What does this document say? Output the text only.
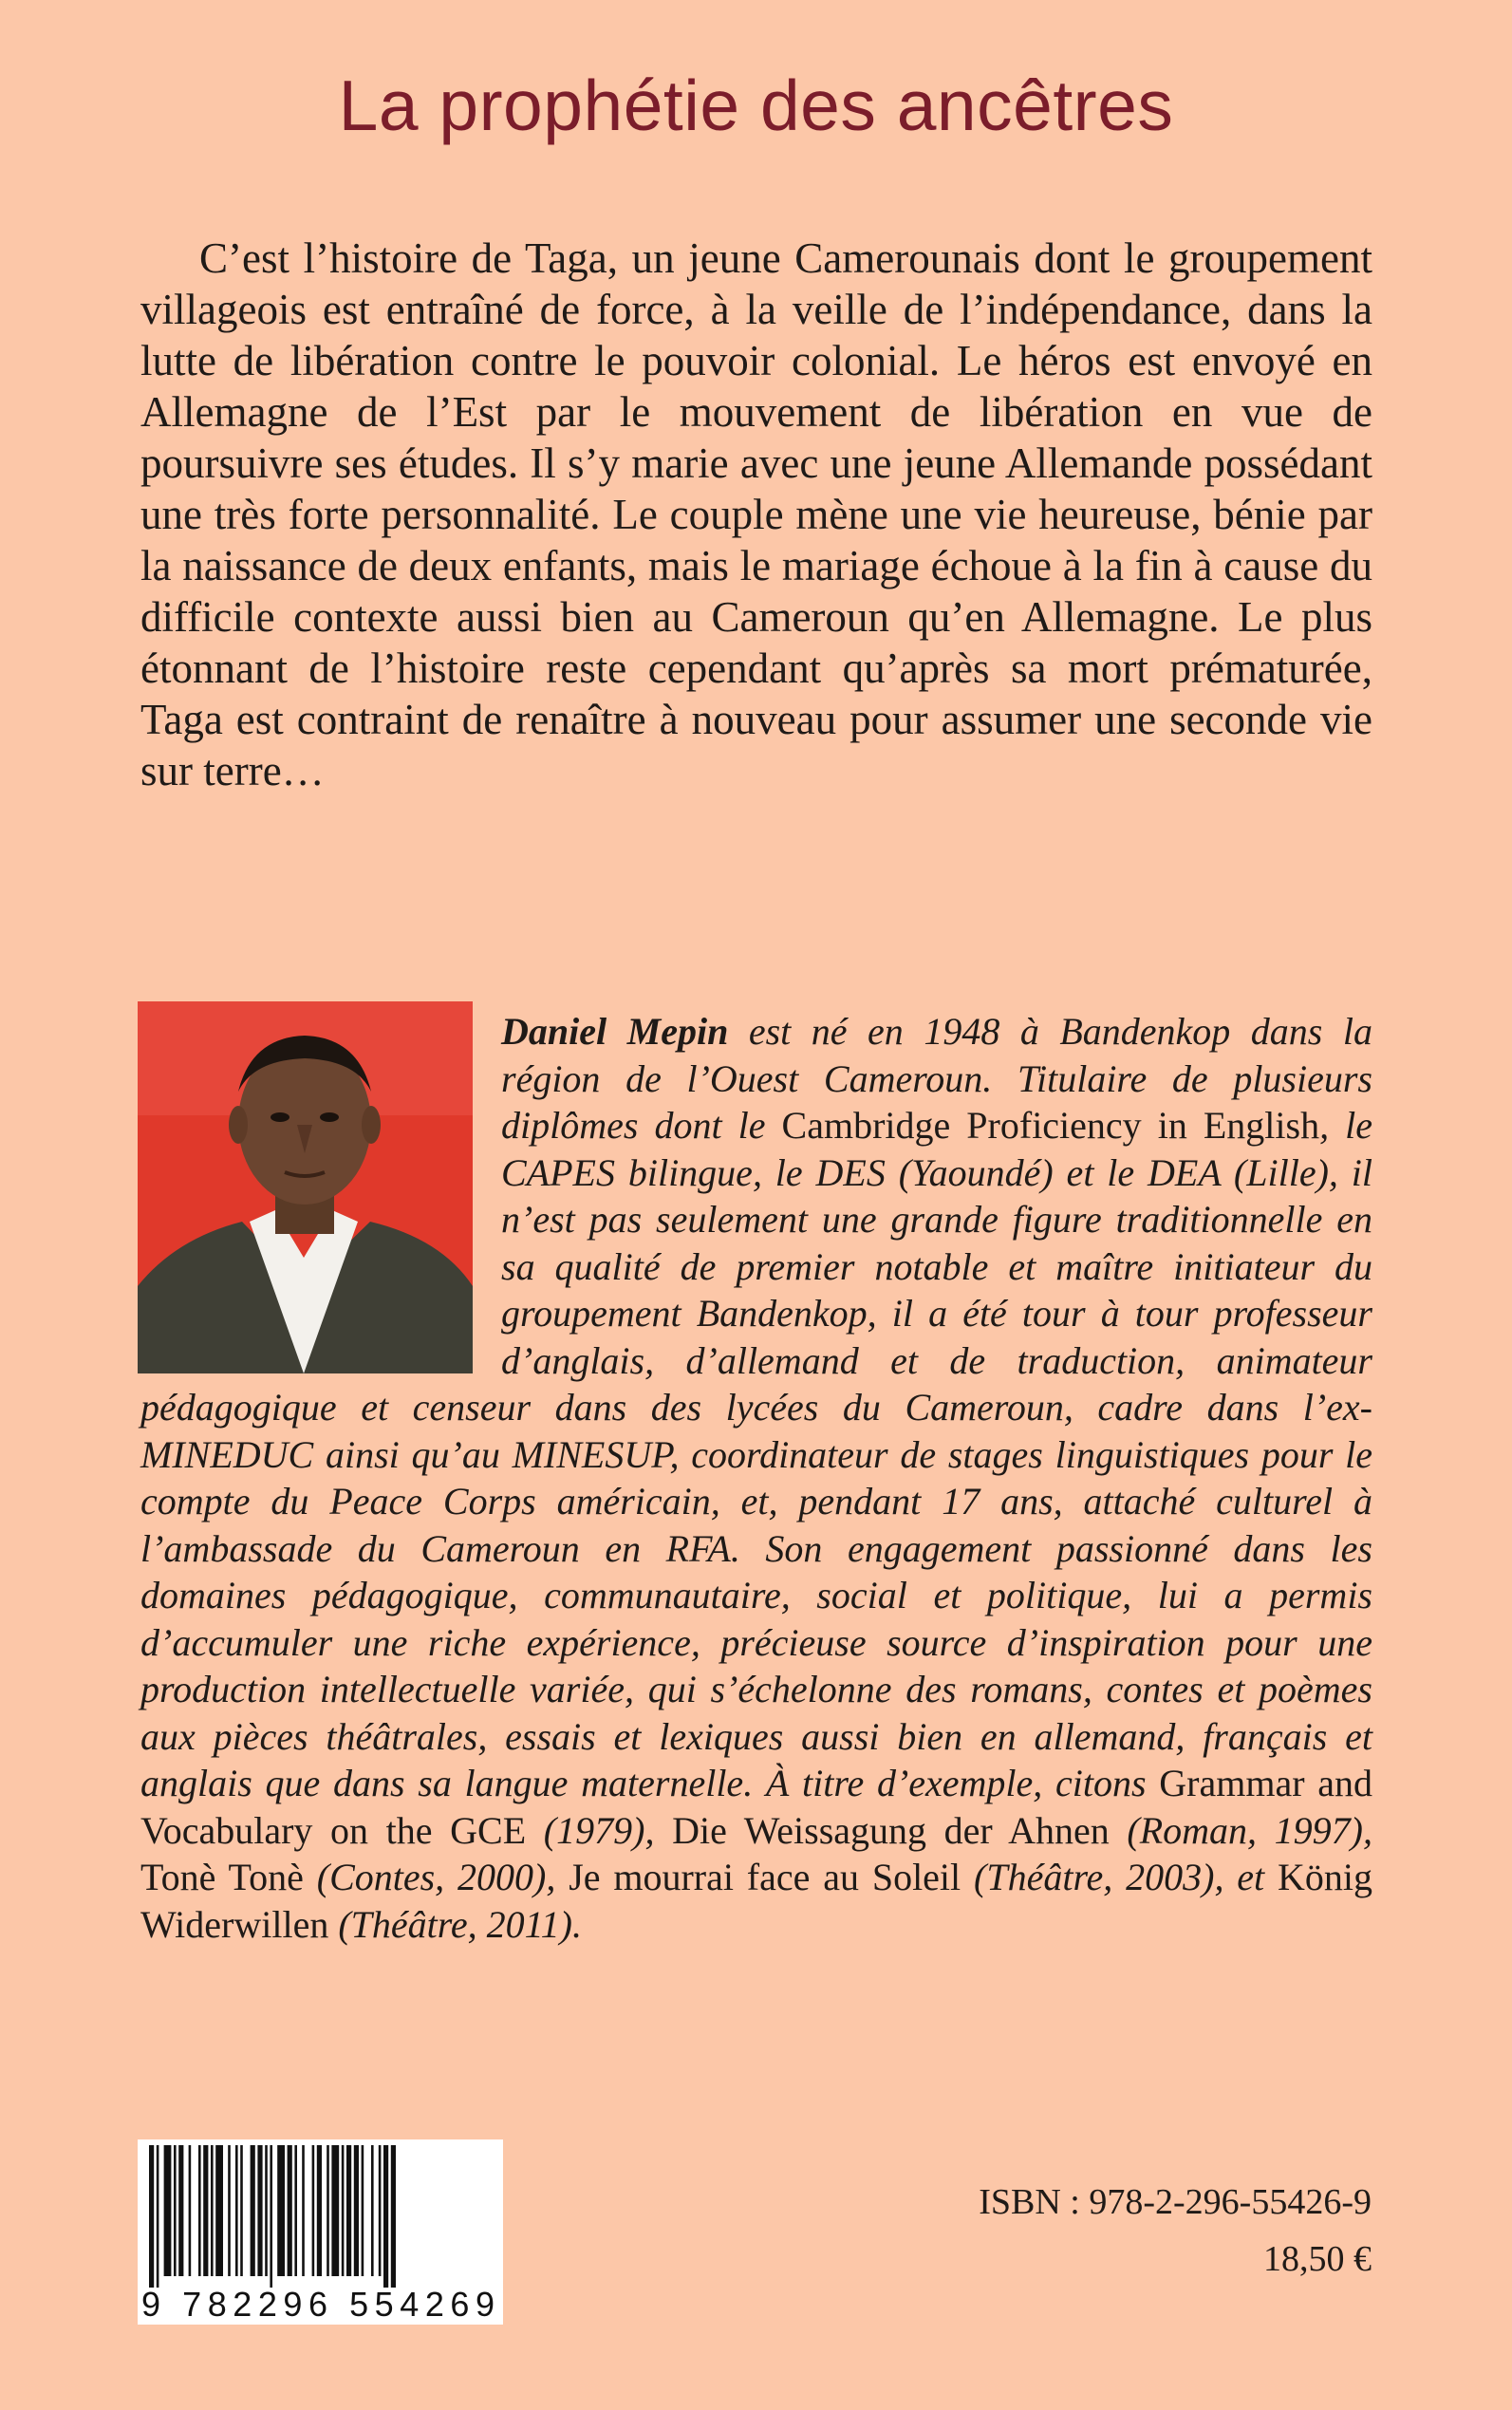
La prophétie des ancêtres

C’est l’histoire de Taga, un jeune Camerounais dont le groupement villageois est entraîné de force, à la veille de l’indépendance, dans la lutte de libération contre le pouvoir colonial. Le héros est envoyé en Allemagne de l’Est par le mouvement de libération en vue de poursuivre ses études. Il s’y marie avec une jeune Allemande possédant une très forte personnalité. Le couple mène une vie heureuse, bénie par la naissance de deux enfants, mais le mariage échoue à la fin à cause du difficile contexte aussi bien au Cameroun qu’en Allemagne. Le plus étonnant de l’histoire reste cependant qu’après sa mort prématurée, Taga est contraint de renaître à nouveau pour assumer une seconde vie sur terre…

Daniel Mepin est né en 1948 à Bandenkop dans la région de l’Ouest Cameroun. Titulaire de plusieurs diplômes dont le Cambridge Proficiency in English, le CAPES bilingue, le DES (Yaoundé) et le DEA (Lille), il n’est pas seulement une grande figure traditionnelle en sa qualité de premier notable et maître initiateur du groupement Bandenkop, il a été tour à tour professeur d’anglais, d’allemand et de traduction, animateur pédagogique et censeur dans des lycées du Cameroun, cadre dans l’ex-MINEDUC ainsi qu’au MINESUP, coordinateur de stages linguistiques pour le compte du Peace Corps américain, et, pendant 17 ans, attaché culturel à l’ambassade du Cameroun en RFA. Son engagement passionné dans les domaines pédagogique, communautaire, social et politique, lui a permis d’accumuler une riche expérience, précieuse source d’inspiration pour une production intellectuelle variée, qui s’échelonne des romans, contes et poèmes aux pièces théâtrales, essais et lexiques aussi bien en allemand, français et anglais que dans sa langue maternelle. À titre d’exemple, citons Grammar and Vocabulary on the GCE (1979), Die Weissagung der Ahnen (Roman, 1997), Tonè Tonè (Contes, 2000), Je mourrai face au Soleil (Théâtre, 2003), et König Widerwillen (Théâtre, 2011).

9 782296 554269

ISBN : 978-2-296-55426-9

18,50 €
